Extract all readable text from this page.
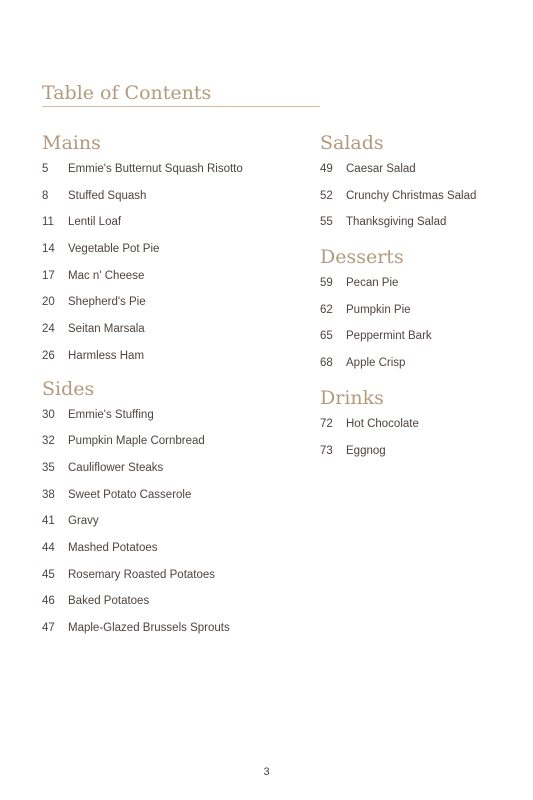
Table of Contents
Mains
5	Emmie's Butternut Squash Risotto
8	Stuffed Squash
11	Lentil Loaf
14	Vegetable Pot Pie
17	Mac n' Cheese
20	Shepherd's Pie
24	Seitan Marsala
26	Harmless Ham
Sides
30	Emmie's Stuffing
32	Pumpkin Maple Cornbread
35	Cauliflower Steaks
38	Sweet Potato Casserole
41	Gravy
44	Mashed Potatoes
45	Rosemary Roasted Potatoes
46	Baked Potatoes
47	Maple-Glazed Brussels Sprouts
Salads
49	Caesar Salad
52	Crunchy Christmas Salad
55	Thanksgiving Salad
Desserts
59	Pecan Pie
62	Pumpkin Pie
65	Peppermint Bark
68	Apple Crisp
Drinks
72	Hot Chocolate
73	Eggnog
3
